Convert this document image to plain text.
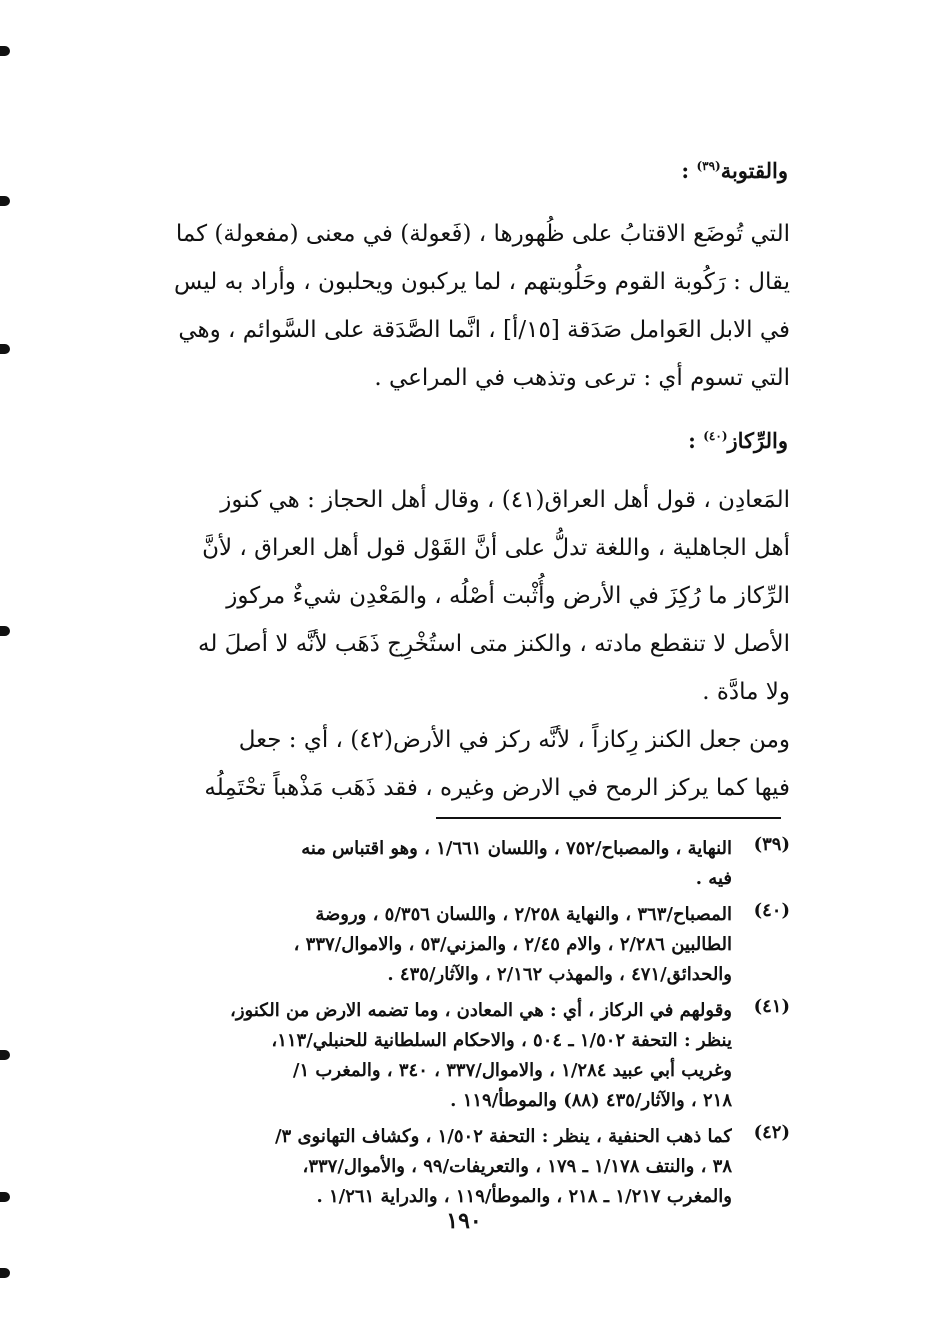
والقتوبة$^{(٣٩)}$ :

التي تُوضَع الاقتابُ على ظُهورها ، (فَعولة) في معنى (مفعولة) كما

يقال : رَكُوبة القوم وحَلُوبتهم ، لما يركبون ويحلبون ، وأراد به ليس

في الابل العَوامل صَدَقة [١٥/أ] ، انَّما الصَّدَقة على السَّوائم ، وهي

التي تسوم أي : ترعى وتذهب في المراعي .

والرِّكاز$^{(٤٠)}$ :

المَعادِن ، قول أهل العراق(٤١) ، وقال أهل الحجاز : هي كنوز

أهل الجاهلية ، واللغة تدلُّ على أنَّ القَوْل قول أهل العراق ، لأنَّ

الرِّكاز ما رُكِزَ في الأرض وأُثْبت أصْلُه ، والمَعْدِن شيءٌ مركوز

الأصل لا تنقطع مادته ، والكنز متى استُخْرِج ذَهَب لأنَّه لا أصلَ له

ولا مادَّة .

ومن جعل الكنز رِكازاً ، لأنَّه ركز في الأرض(٤٢) ، أي : جعل

فيها كما يركز الرمح في الارض وغيره ، فقد ذَهَب مَذْهباً تحْتَمِلُه

(٣٩)
النهاية ، والمصباح/٧٥٢ ، واللسان ١/٦٦١ ، وهو اقتباس منه
فيه .
(٤٠)
المصباح/٣٦٣ ، والنهاية ٢/٢٥٨ ، واللسان ٥/٣٥٦ ، وروضة
الطالبين ٢/٢٨٦ ، والام ٢/٤٥ ، والمزني/٥٣ ، والاموال/٣٣٧ ،
والحدائق/٤٧١ ، والمهذب ٢/١٦٢ ، والآثار/٤٣٥ .
(٤١)
وقولهم في الركاز ، أي : هي المعادن ، وما تضمه الارض من الكنوز،
ينظر : التحفة ١/٥٠٢ ـ ٥٠٤ ، والاحكام السلطانية للحنبلي/١١٣،
وغريب أبي عبيد ١/٢٨٤ ، والاموال/٣٣٧ ، ٣٤٠ ، والمغرب ١/
٢١٨ ، والآثار/٤٣٥ (٨٨) والموطأ/١١٩ .
(٤٢)
كما ذهب الحنفية ، ينظر : التحفة ١/٥٠٢ ، وكشاف التهانوى ٣/
٣٨ ، والنتف ١/١٧٨ ـ ١٧٩ ، والتعريفات/٩٩ ، والأموال/٣٣٧،
والمغرب ١/٢١٧ ـ ٢١٨ ، والموطأ/١١٩ ، والدراية ١/٢٦١ .
١٩٠
